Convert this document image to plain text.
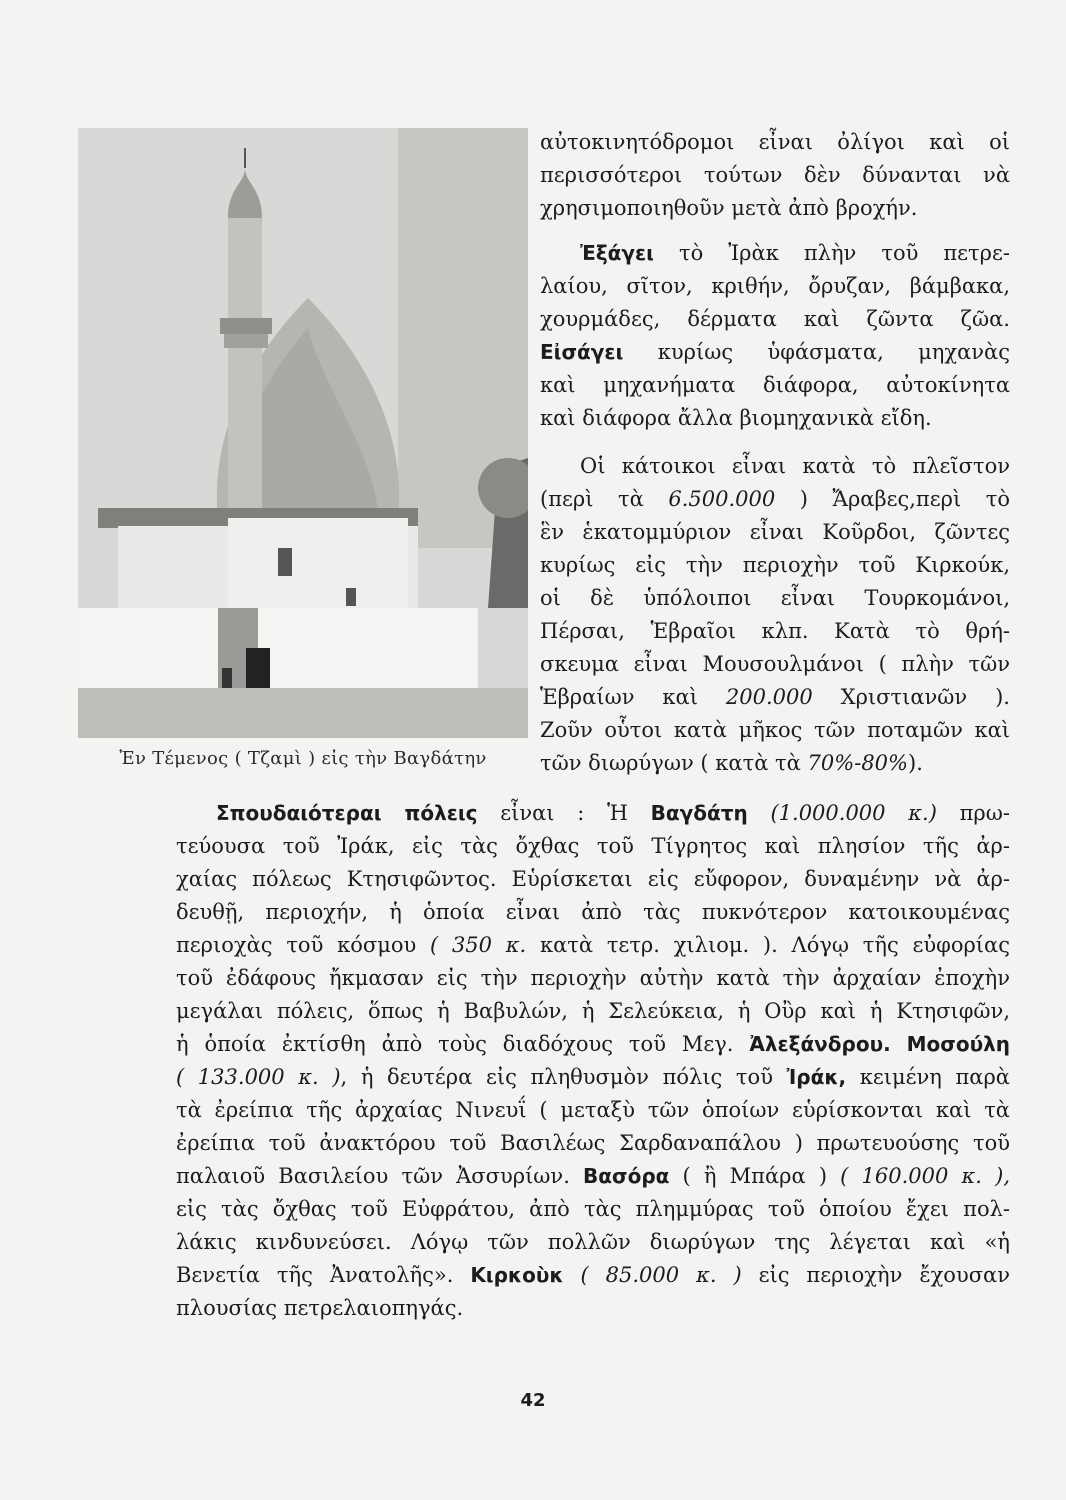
Ἐν Τέμενος ( Τζαμὶ ) εἰς τὴν Βαγδάτην
αὐτοκινητόδρομοι εἶναι ὀλίγοι καὶ οἱ
περισσότεροι τούτων δὲν δύνανται νὰ
χρησιμοποιηθοῦν μετὰ ἀπὸ βροχήν.
Ἐξάγει τὸ Ἰρὰκ πλὴν τοῦ πετρε-
λαίου, σῖτον, κριθήν, ὄρυζαν, βάμβακα,
χουρμάδες, δέρματα καὶ ζῶντα ζῶα.
Εἰσάγει κυρίως ὑφάσματα, μηχανὰς
καὶ μηχανήματα διάφορα, αὐτοκίνητα
καὶ διάφορα ἄλλα βιομηχανικὰ εἴδη.
Οἱ κάτοικοι εἶναι κατὰ τὸ πλεῖστον
(περὶ τὰ 6.500.000 ) Ἄραβες,περὶ τὸ
ἓν ἑκατομμύριον εἶναι Κοῦρδοι, ζῶντες
κυρίως εἰς τὴν περιοχὴν τοῦ Κιρκούκ,
οἱ δὲ ὑπόλοιποι εἶναι Τουρκομάνοι,
Πέρσαι, Ἑβραῖοι κλπ. Κατὰ τὸ θρή-
σκευμα εἶναι Μουσουλμάνοι ( πλὴν τῶν
Ἑβραίων καὶ 200.000 Χριστιανῶν ).
Ζοῦν οὗτοι κατὰ μῆκος τῶν ποταμῶν καὶ
τῶν διωρύγων ( κατὰ τὰ 70%-80%).
Σπουδαιότεραι πόλεις εἶναι : Ἡ Βαγδάτη (1.000.000 κ.) πρω-
τεύουσα τοῦ Ἰράκ, εἰς τὰς ὄχθας τοῦ Τίγρητος καὶ πλησίον τῆς ἀρ-
χαίας πόλεως Κτησιφῶντος. Εὑρίσκεται εἰς εὔφορον, δυναμένην νὰ ἀρ-
δευθῇ, περιοχήν, ἡ ὁποία εἶναι ἀπὸ τὰς πυκνότερον κατοικουμένας
περιοχὰς τοῦ κόσμου ( 350 κ. κατὰ τετρ. χιλιομ. ). Λόγῳ τῆς εὐφορίας
τοῦ ἐδάφους ἤκμασαν εἰς τὴν περιοχὴν αὐτὴν κατὰ τὴν ἀρχαίαν ἐποχὴν
μεγάλαι πόλεις, ὅπως ἡ Βαβυλών, ἡ Σελεύκεια, ἡ Οὒρ καὶ ἡ Κτησιφῶν,
ἡ ὁποία ἐκτίσθη ἀπὸ τοὺς διαδόχους τοῦ Μεγ. Ἀλεξάνδρου. Μοσούλη
( 133.000 κ. ), ἡ δευτέρα εἰς πληθυσμὸν πόλις τοῦ Ἰράκ, κειμένη παρὰ
τὰ ἐρείπια τῆς ἀρχαίας Νινευΐ ( μεταξὺ τῶν ὁποίων εὑρίσκονται καὶ τὰ
ἐρείπια τοῦ ἀνακτόρου τοῦ Βασιλέως Σαρδαναπάλου ) πρωτευούσης τοῦ
παλαιοῦ Βασιλείου τῶν Ἀσσυρίων. Βασόρα ( ἢ Μπάρα ) ( 160.000 κ. ),
εἰς τὰς ὄχθας τοῦ Εὐφράτου, ἀπὸ τὰς πλημμύρας τοῦ ὁποίου ἔχει πολ-
λάκις κινδυνεύσει. Λόγῳ τῶν πολλῶν διωρύγων της λέγεται καὶ «ἡ
Βενετία τῆς Ἀνατολῆς». Κιρκοὺκ ( 85.000 κ. ) εἰς περιοχὴν ἔχουσαν
πλουσίας πετρελαιοπηγάς.
42
